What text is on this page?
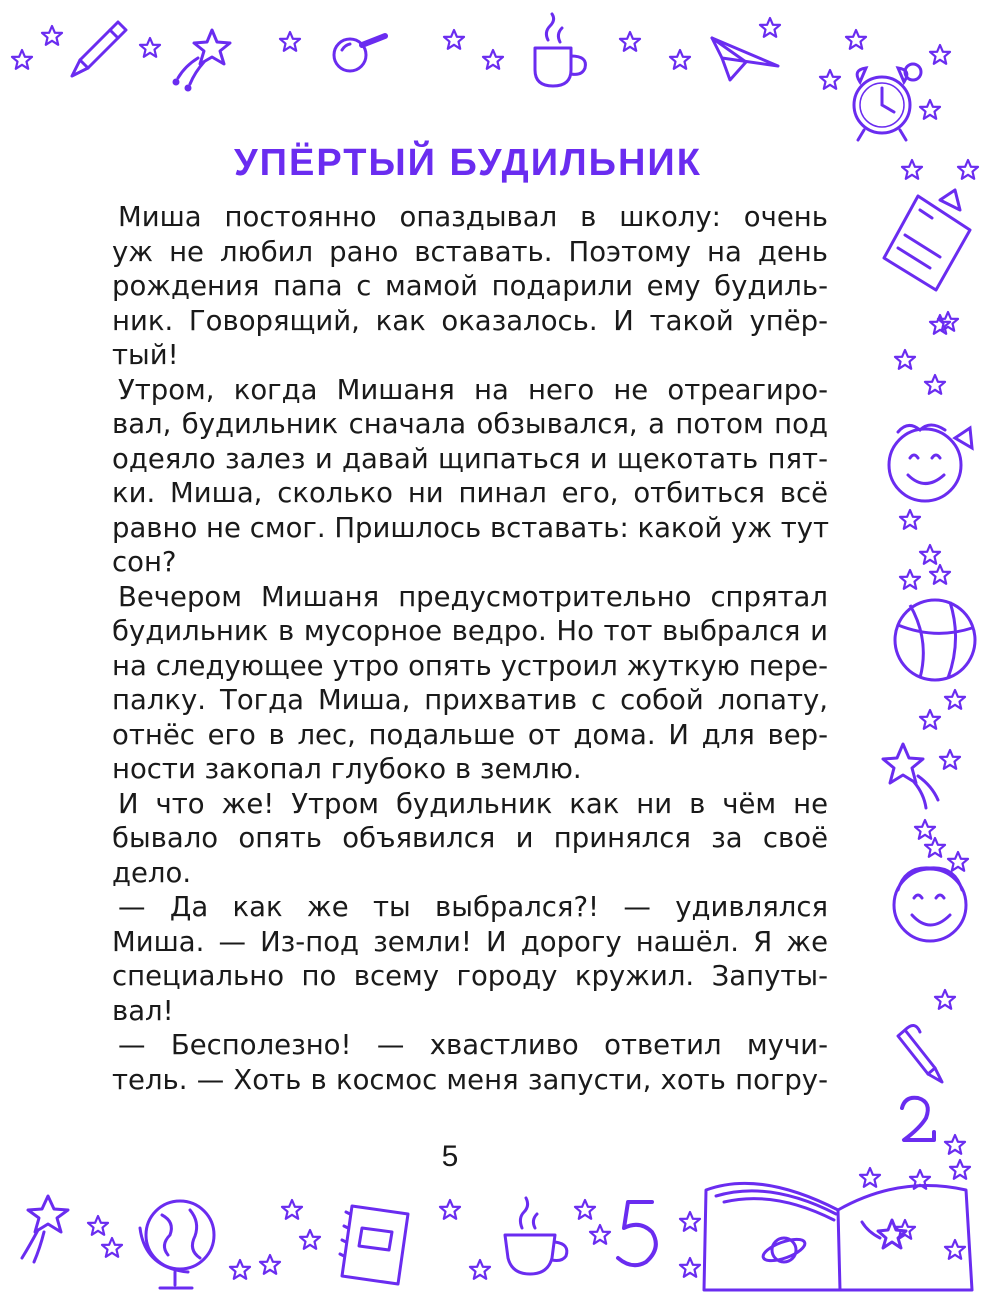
УПЁРТЫЙ БУДИЛЬНИК

Миша постоянно опаздывал в школу: очень
уж не любил рано вставать. Поэтому на день
рождения папа с мамой подарили ему будиль-
ник. Говорящий, как оказалось. И такой упёр-
тый!

Утром, когда Мишаня на него не отреагиро-
вал, будильник сначала обзывался, а потом под
одеяло залез и давай щипаться и щекотать пят-
ки. Миша, сколько ни пинал его, отбиться всё
равно не смог. Пришлось вставать: какой уж тут
сон?

Вечером Мишаня предусмотрительно спрятал
будильник в мусорное ведро. Но тот выбрался и
на следующее утро опять устроил жуткую пере-
палку. Тогда Миша, прихватив с собой лопату,
отнёс его в лес, подальше от дома. И для вер-
ности закопал глубоко в землю.

И что же! Утром будильник как ни в чём не
бывало опять объявился и принялся за своё
дело.

— Да как же ты выбрался?! — удивлялся
Миша. — Из-под земли! И дорогу нашёл. Я же
специально по всему городу кружил. Запуты-
вал!

— Бесполезно! — хвастливо ответил мучи-
тель. — Хоть в космос меня запусти, хоть погру-

5
